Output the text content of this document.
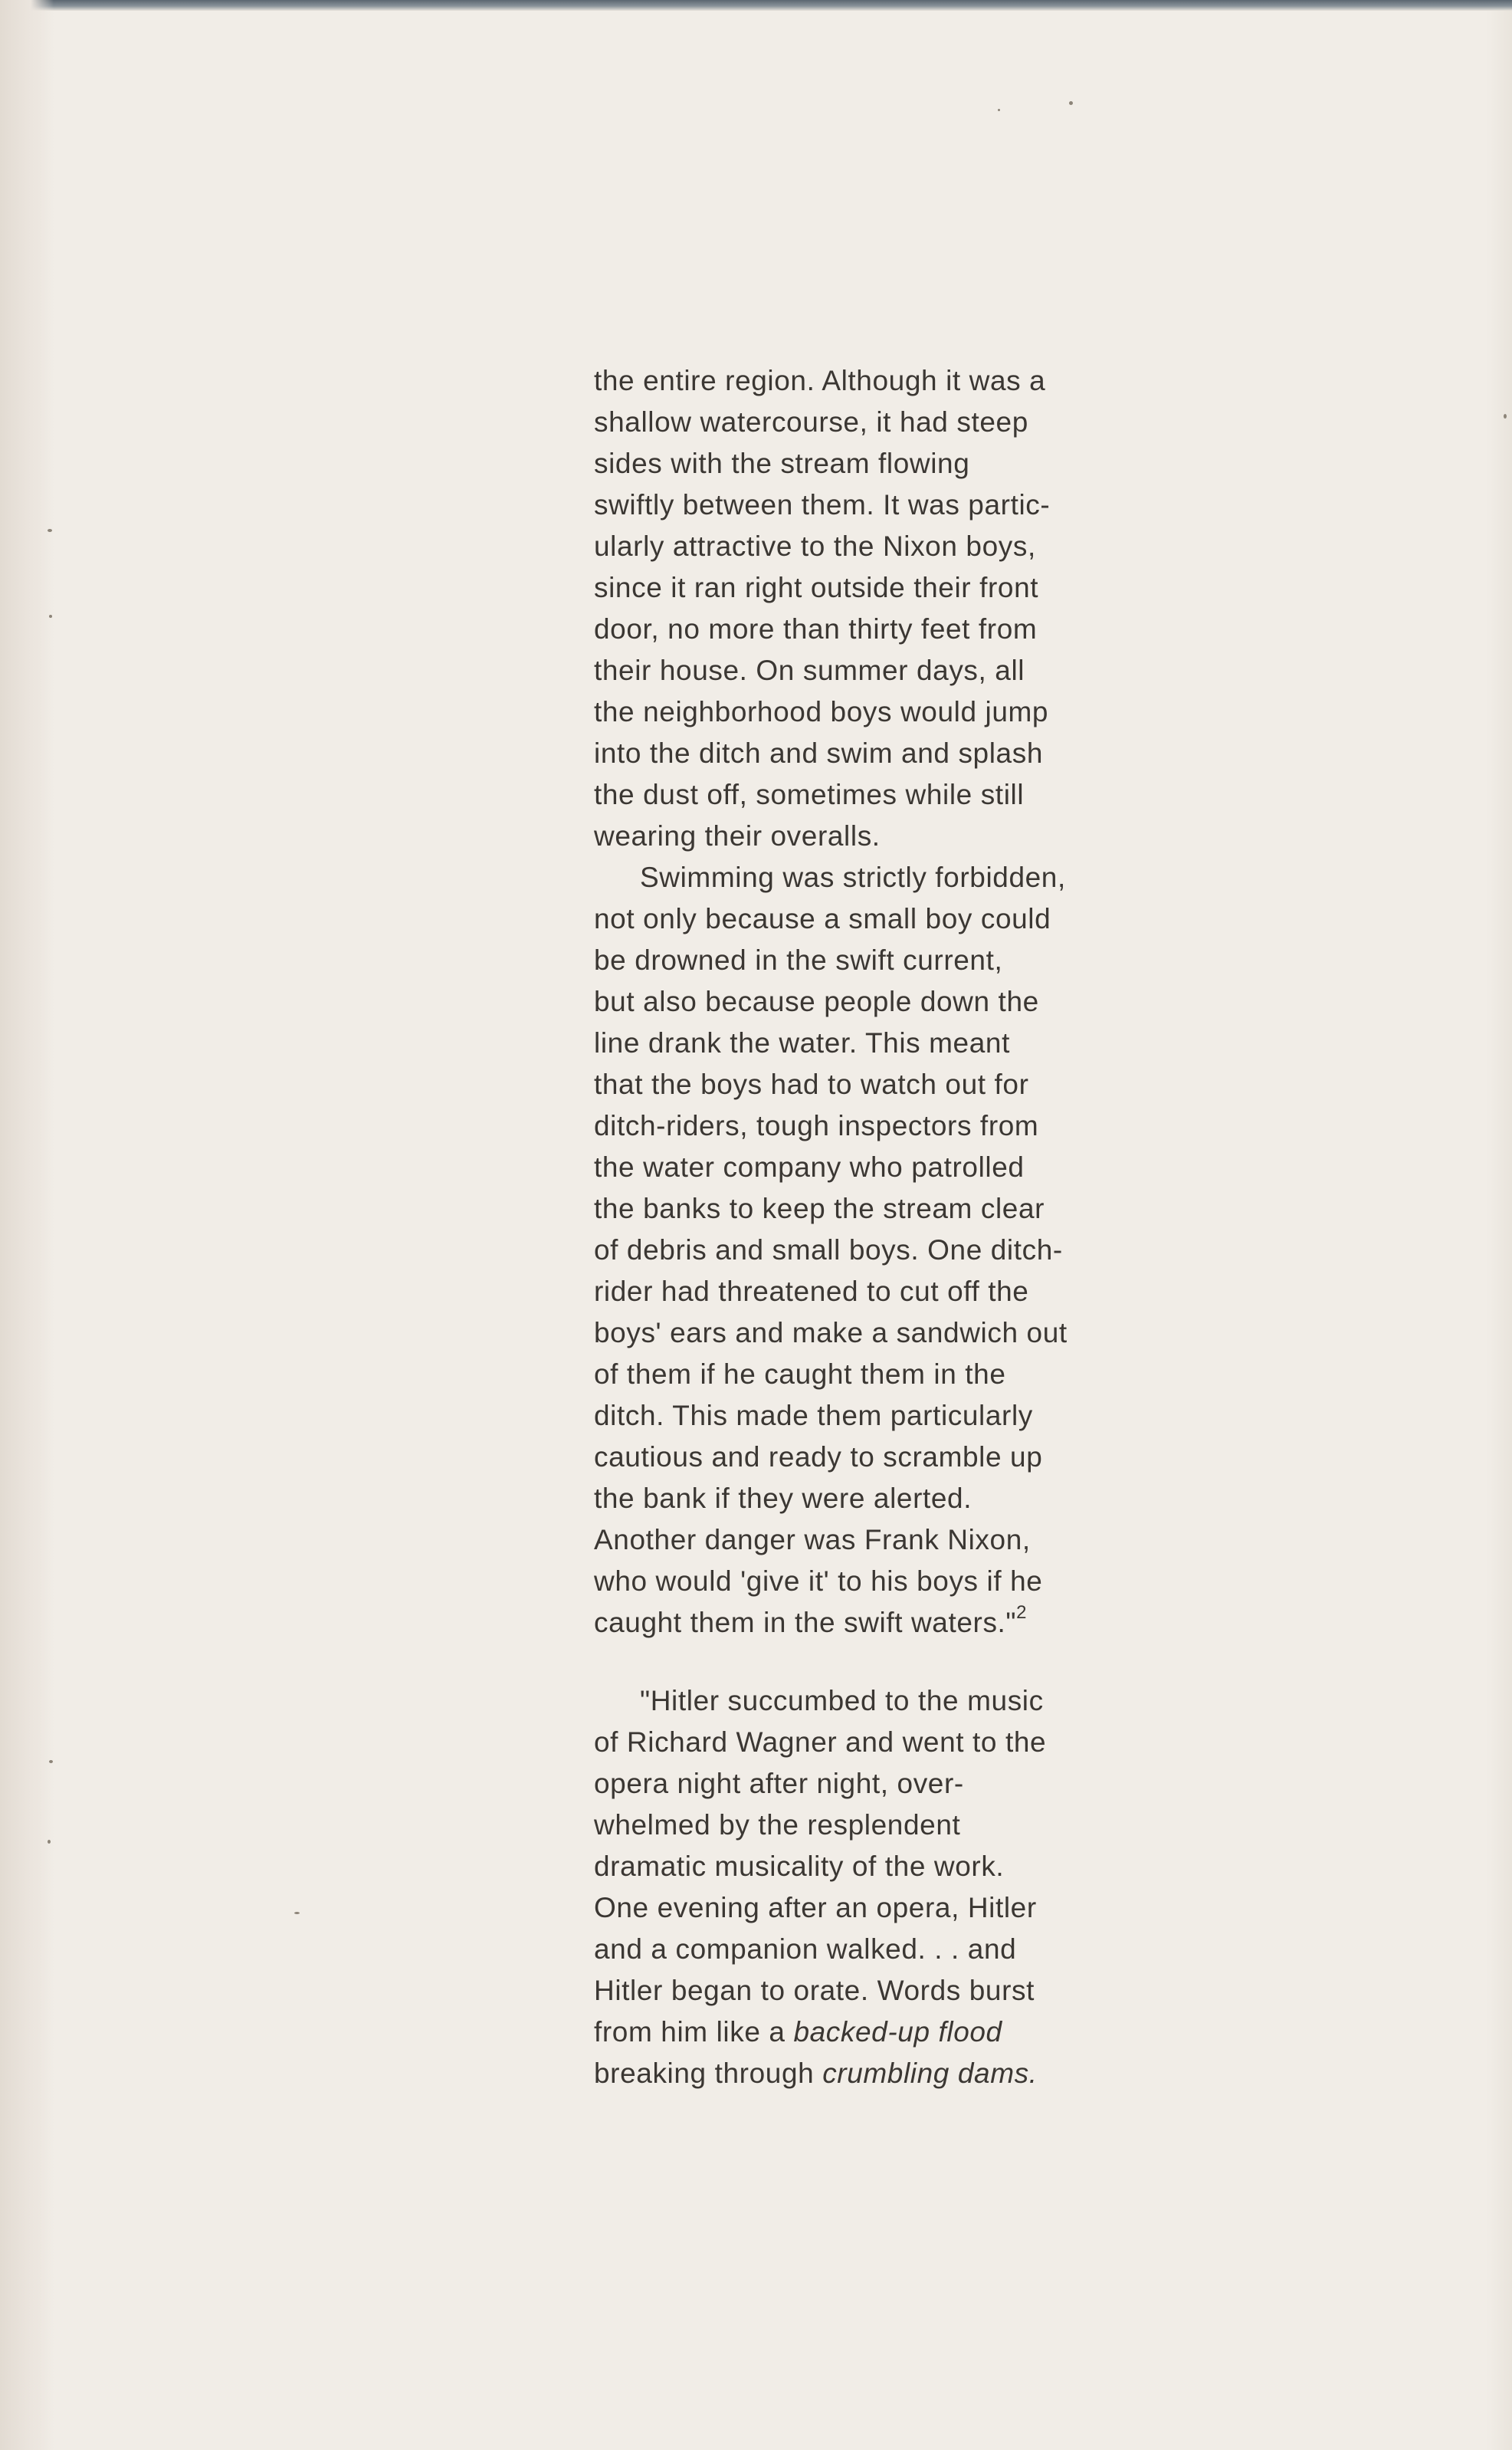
the entire region. Although it was a
shallow watercourse, it had steep
sides with the stream flowing
swiftly between them. It was partic-
ularly attractive to the Nixon boys,
since it ran right outside their front
door, no more than thirty feet from
their house. On summer days, all
the neighborhood boys would jump
into the ditch and swim and splash
the dust off, sometimes while still
wearing their overalls.
Swimming was strictly forbidden,
not only because a small boy could
be drowned in the swift current,
but also because people down the
line drank the water. This meant
that the boys had to watch out for
ditch-riders, tough inspectors from
the water company who patrolled
the banks to keep the stream clear
of debris and small boys. One ditch-
rider had threatened to cut off the
boys' ears and make a sandwich out
of them if he caught them in the
ditch. This made them particularly
cautious and ready to scramble up
the bank if they were alerted.
Another danger was Frank Nixon,
who would 'give it' to his boys if he
caught them in the swift waters."$^2$
"Hitler succumbed to the music
of Richard Wagner and went to the
opera night after night, over-
whelmed by the resplendent
dramatic musicality of the work.
One evening after an opera, Hitler
and a companion walked. . . and
Hitler began to orate. Words burst
from him like a backed-up flood
breaking through crumbling dams.
